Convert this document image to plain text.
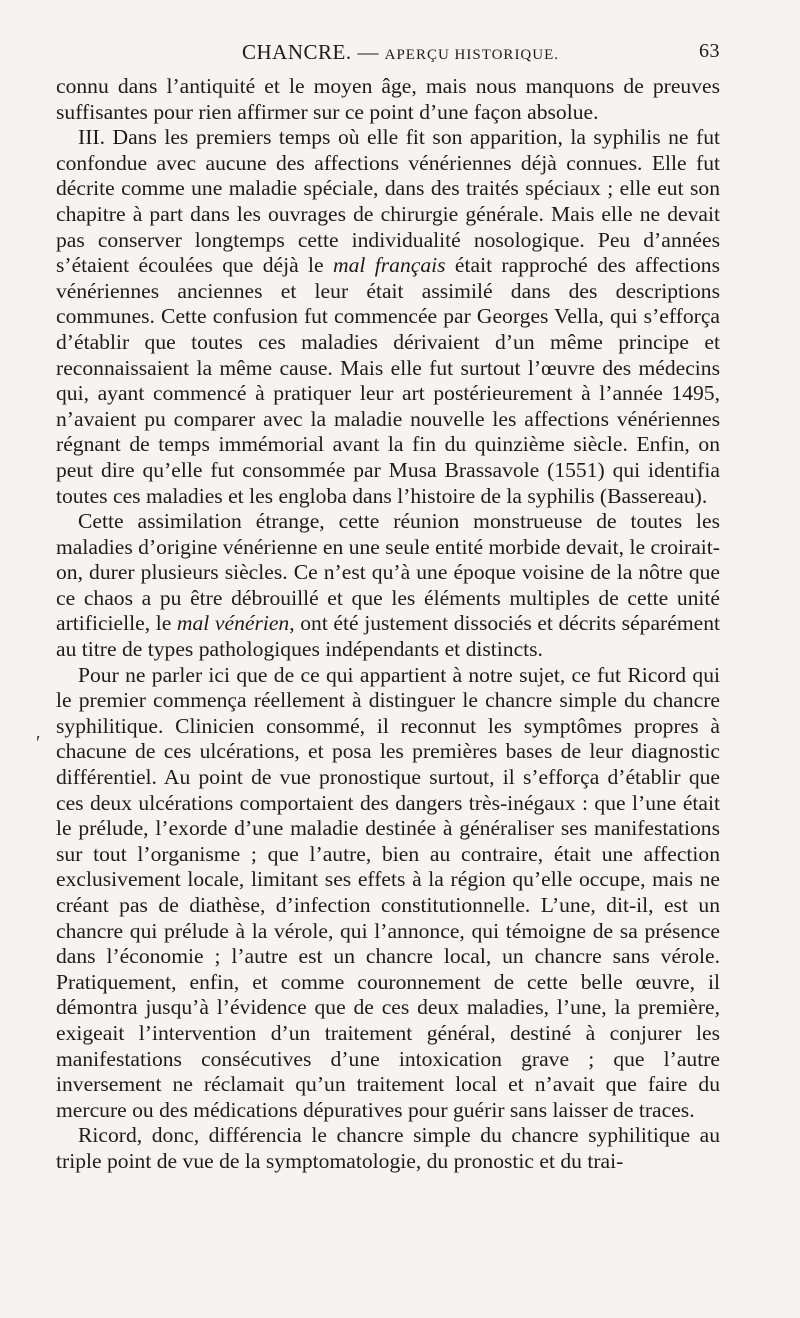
CHANCRE. — APERÇU HISTORIQUE.	63

connu dans l’antiquité et le moyen âge, mais nous manquons de preuves suffisantes pour rien affirmer sur ce point d’une façon absolue.

III. Dans les premiers temps où elle fit son apparition, la syphilis ne fut confondue avec aucune des affections vénériennes déjà connues. Elle fut décrite comme une maladie spéciale, dans des traités spéciaux ; elle eut son chapitre à part dans les ouvrages de chirurgie générale. Mais elle ne devait pas conserver longtemps cette individualité nosologique. Peu d’années s’étaient écoulées que déjà le mal français était rapproché des affections vénériennes anciennes et leur était assimilé dans des descriptions communes. Cette confusion fut commencée par Georges Vella, qui s’efforça d’établir que toutes ces maladies dérivaient d’un même principe et reconnaissaient la même cause. Mais elle fut surtout l’œuvre des médecins qui, ayant commencé à pratiquer leur art postérieurement à l’année 1495, n’avaient pu comparer avec la maladie nouvelle les affections vénériennes régnant de temps immémorial avant la fin du quinzième siècle. Enfin, on peut dire qu’elle fut consommée par Musa Brassavole (1551) qui identifia toutes ces maladies et les engloba dans l’histoire de la syphilis (Bassereau).

Cette assimilation étrange, cette réunion monstrueuse de toutes les maladies d’origine vénérienne en une seule entité morbide devait, le croirait-on, durer plusieurs siècles. Ce n’est qu’à une époque voisine de la nôtre que ce chaos a pu être débrouillé et que les éléments multiples de cette unité artificielle, le mal vénérien, ont été justement dissociés et décrits séparément au titre de types pathologiques indépendants et distincts.

Pour ne parler ici que de ce qui appartient à notre sujet, ce fut Ricord qui le premier commença réellement à distinguer le chancre simple du chancre syphilitique. Clinicien consommé, il reconnut les symptômes propres à chacune de ces ulcérations, et posa les premières bases de leur diagnostic différentiel. Au point de vue pronostique surtout, il s’efforça d’établir que ces deux ulcérations comportaient des dangers très-inégaux : que l’une était le prélude, l’exorde d’une maladie destinée à généraliser ses manifestations sur tout l’organisme ; que l’autre, bien au contraire, était une affection exclusivement locale, limitant ses effets à la région qu’elle occupe, mais ne créant pas de diathèse, d’infection constitutionnelle. L’une, dit-il, est un chancre qui prélude à la vérole, qui l’annonce, qui témoigne de sa présence dans l’économie ; l’autre est un chancre local, un chancre sans vérole. Pratiquement, enfin, et comme couronnement de cette belle œuvre, il démontra jusqu’à l’évidence que de ces deux maladies, l’une, la première, exigeait l’intervention d’un traitement général, destiné à conjurer les manifestations consécutives d’une intoxication grave ; que l’autre inversement ne réclamait qu’un traitement local et n’avait que faire du mercure ou des médications dépuratives pour guérir sans laisser de traces.

Ricord, donc, différencia le chancre simple du chancre syphilitique au triple point de vue de la symptomatologie, du pronostic et du trai-

′
